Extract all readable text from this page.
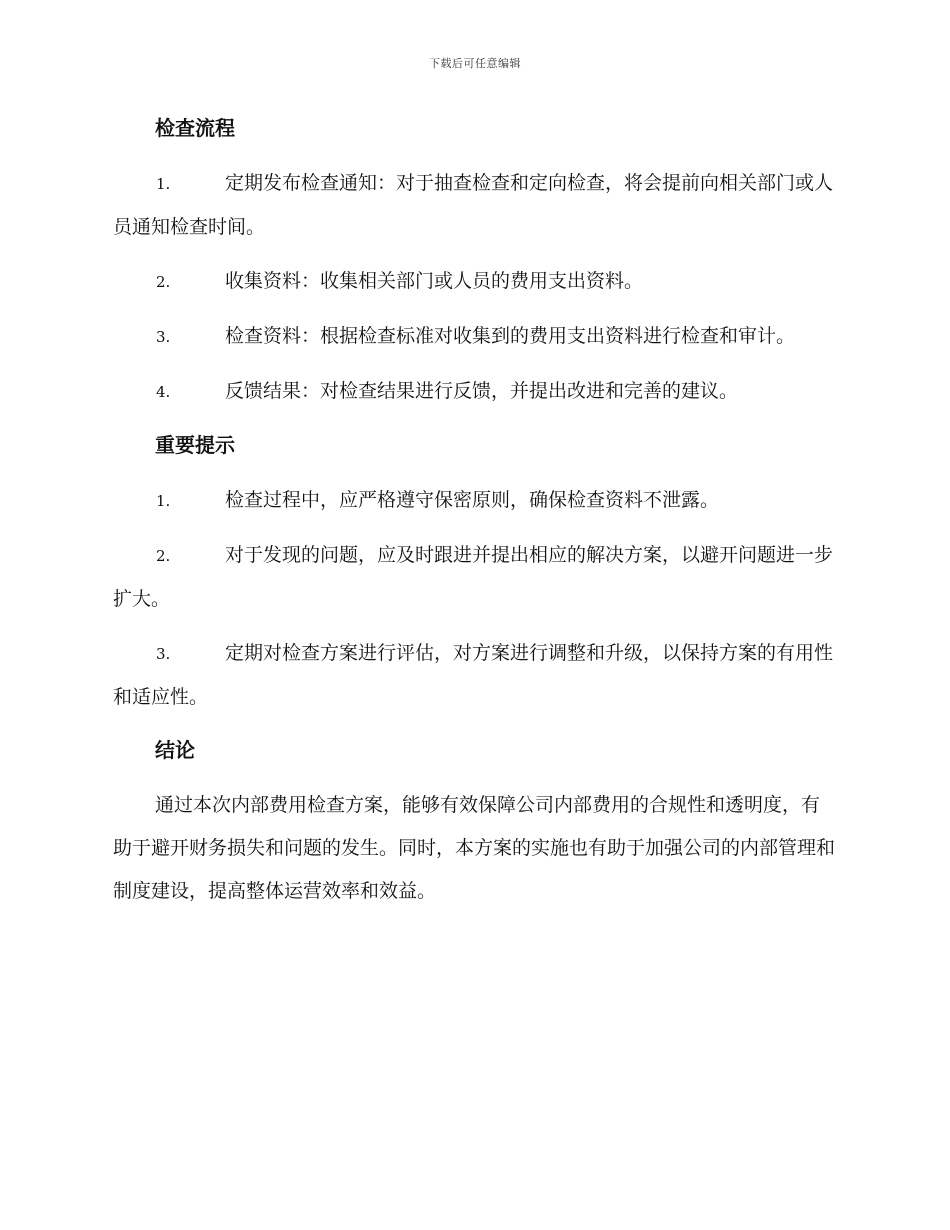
下载后可任意编辑
检查流程
1.	定期发布检查通知：对于抽查检查和定向检查，将会提前向相关部门或人员通知检查时间。
2.	收集资料：收集相关部门或人员的费用支出资料。
3.	检查资料：根据检查标准对收集到的费用支出资料进行检查和审计。
4.	反馈结果：对检查结果进行反馈，并提出改进和完善的建议。
重要提示
1.	检查过程中，应严格遵守保密原则，确保检查资料不泄露。
2.	对于发现的问题，应及时跟进并提出相应的解决方案，以避开问题进一步扩大。
3.	定期对检查方案进行评估，对方案进行调整和升级，以保持方案的有用性和适应性。
结论

通过本次内部费用检查方案，能够有效保障公司内部费用的合规性和透明度，有助于避开财务损失和问题的发生。同时，本方案的实施也有助于加强公司的内部管理和制度建设，提高整体运营效率和效益。
